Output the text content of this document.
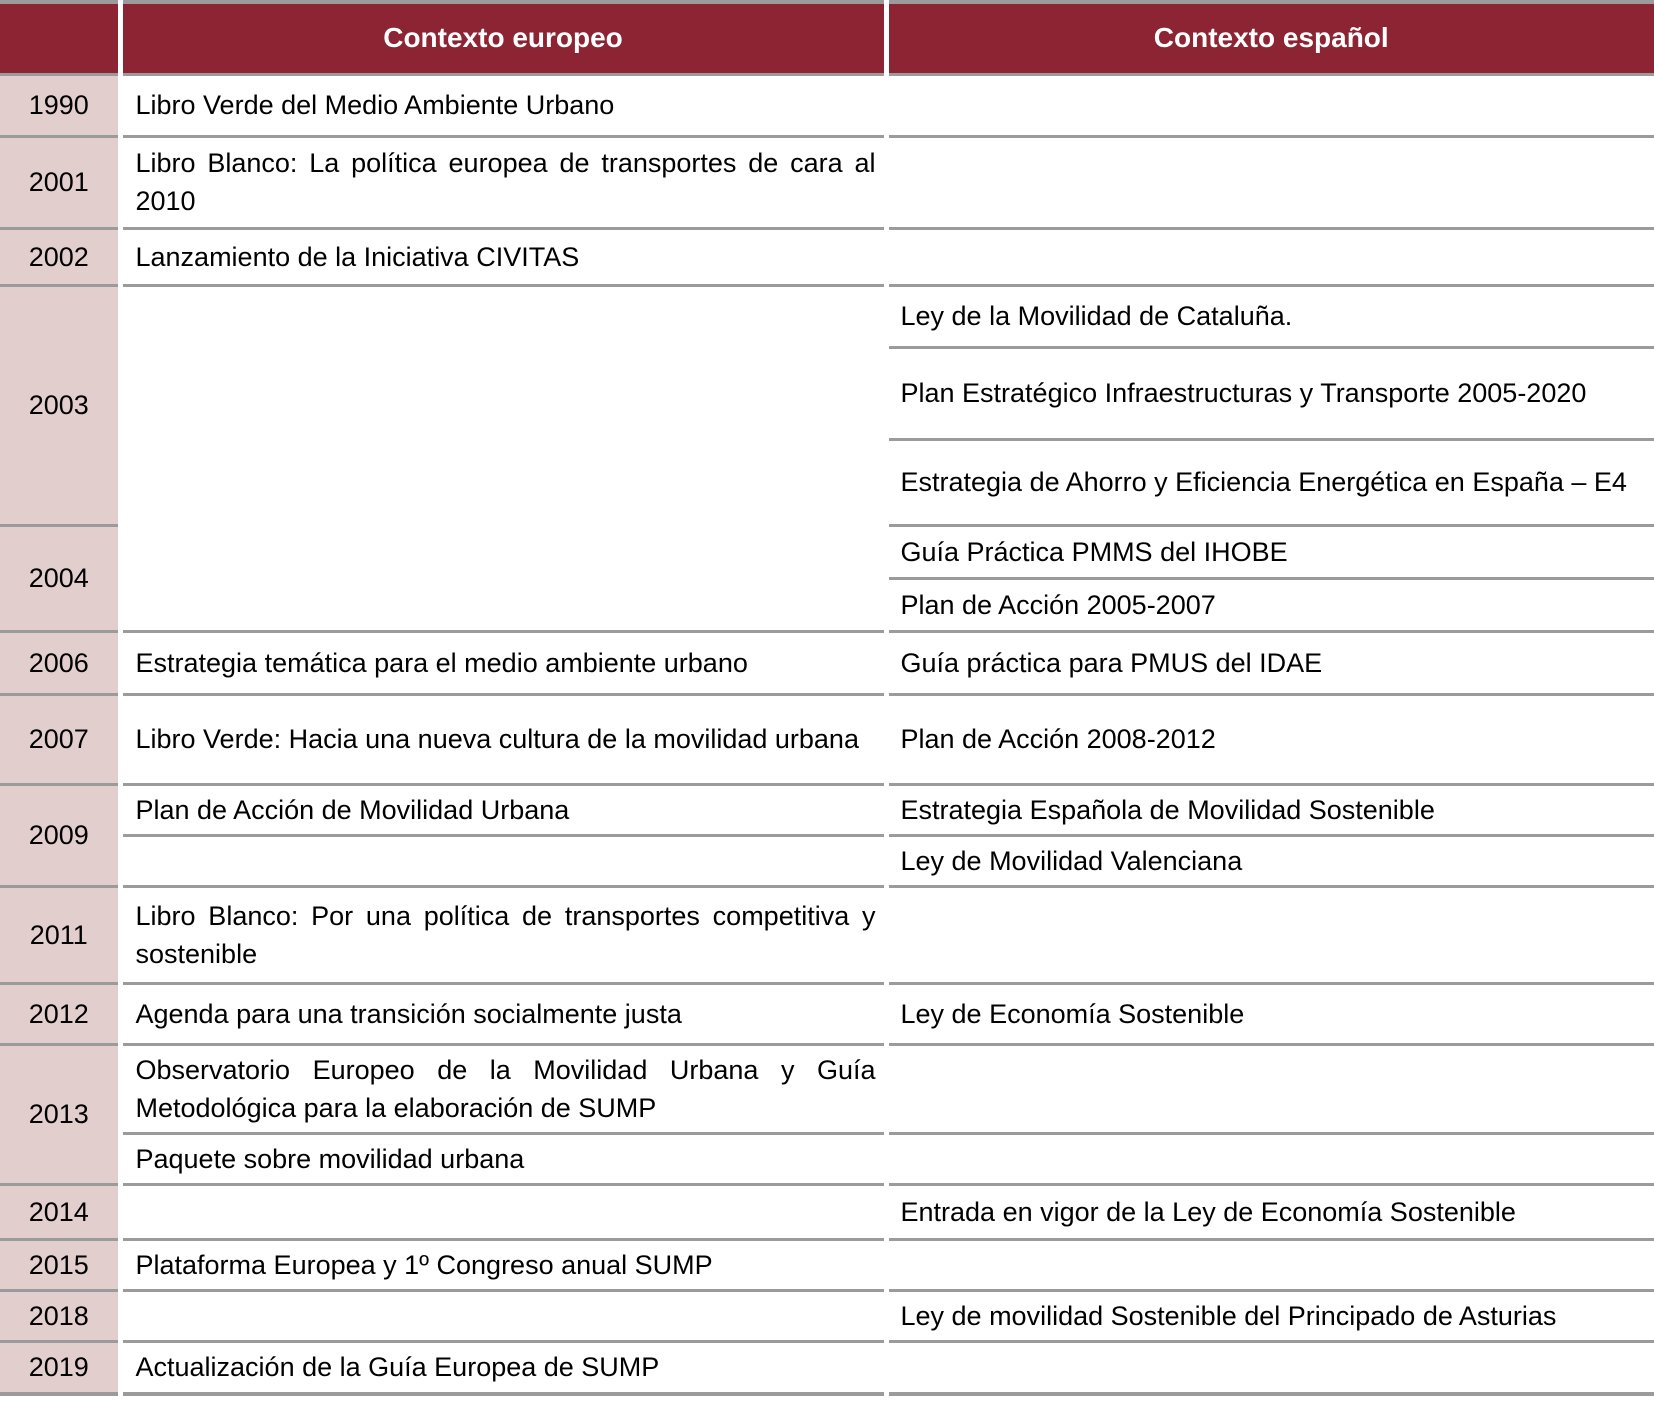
	Contexto europeo	Contexto español
1990	Libro Verde del Medio Ambiente Urbano	
2001	Libro Blanco: La política europea de transportes de cara al 2010	
2002	Lanzamiento de la Iniciativa CIVITAS	
2003		Ley de la Movilidad de Cataluña.
		Plan Estratégico Infraestructuras y Transporte 2005-2020
		Estrategia de Ahorro y Eficiencia Energética en España – E4
2004		Guía Práctica PMMS del IHOBE
		Plan de Acción 2005-2007
2006	Estrategia temática para el medio ambiente urbano	Guía práctica para PMUS del IDAE
2007	Libro Verde: Hacia una nueva cultura de la movilidad urbana	Plan de Acción 2008-2012
2009	Plan de Acción de Movilidad Urbana	Estrategia Española de Movilidad Sostenible
		Ley de Movilidad Valenciana
2011	Libro Blanco: Por una política de transportes competitiva y sostenible	
2012	Agenda para una transición socialmente justa	Ley de Economía Sostenible
2013	Observatorio Europeo de la Movilidad Urbana y Guía Metodológica para la elaboración de SUMP	
	Paquete sobre movilidad urbana	
2014		Entrada en vigor de la Ley de Economía Sostenible
2015	Plataforma Europea y 1º Congreso anual SUMP	
2018		Ley de movilidad Sostenible del Principado de Asturias
2019	Actualización de la Guía Europea de SUMP	
